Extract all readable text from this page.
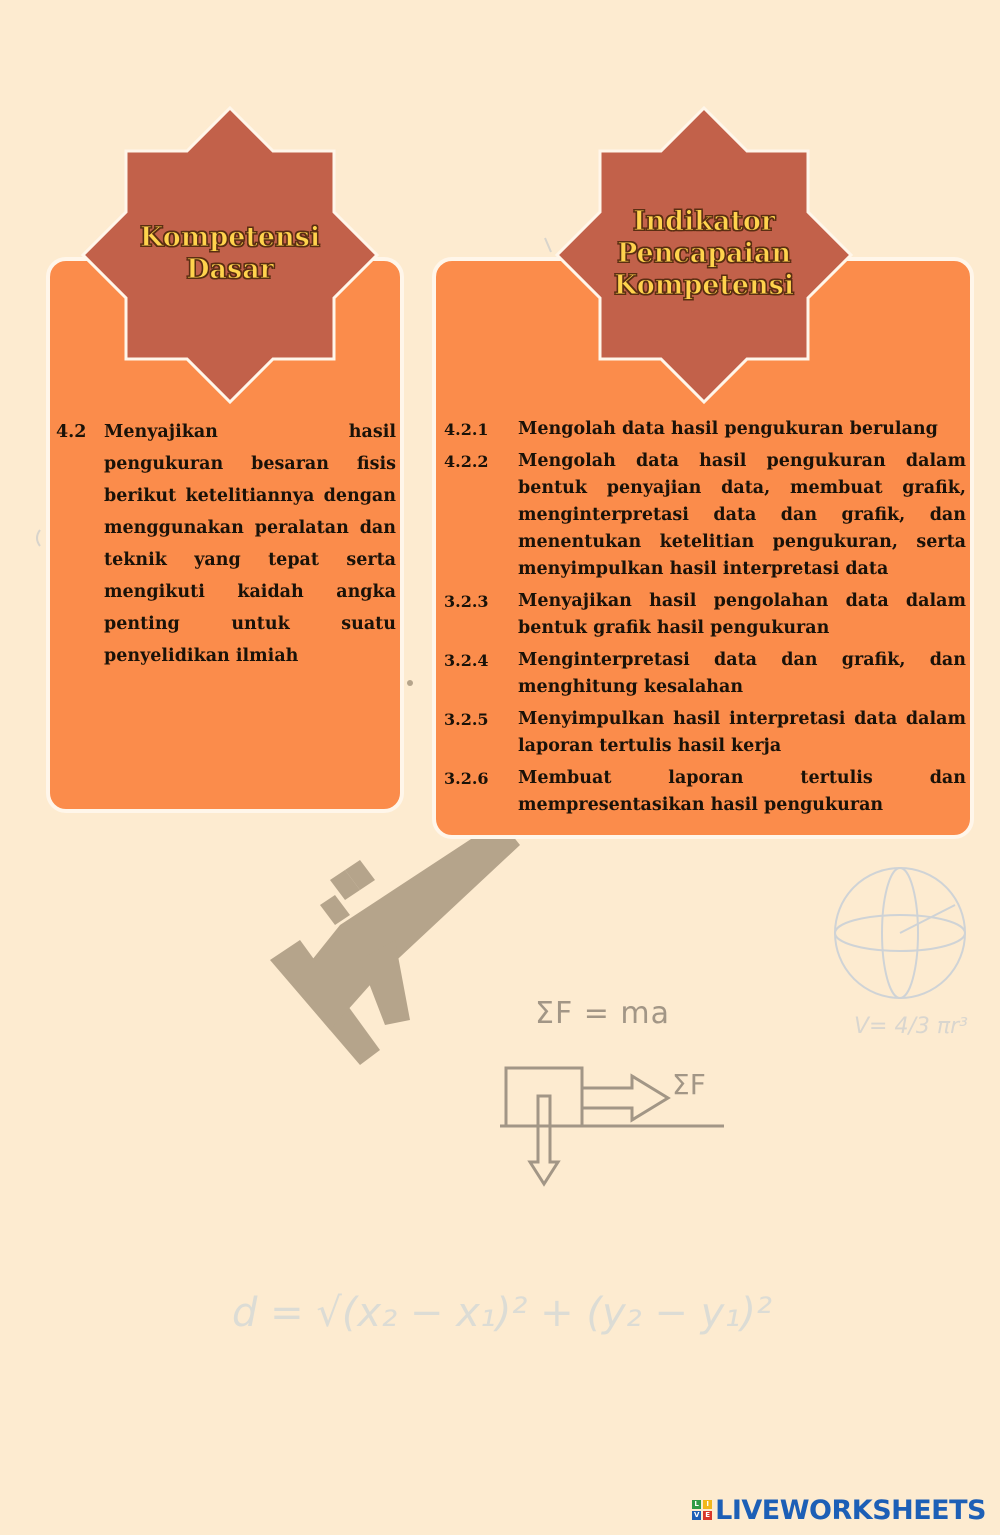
Kompetensi
Dasar
4.2	Menyajikan hasil pengukuran besaran fisis berikut ketelitiannya dengan menggunakan peralatan dan teknik yang tepat serta mengikuti kaidah angka penting untuk suatu penyelidikan ilmiah
Indikator
Pencapaian
Kompetensi
4.2.1	Mengolah data hasil pengukuran berulang
4.2.2	Mengolah data hasil pengukuran dalam bentuk penyajian data, membuat grafik, menginterpretasi data dan grafik, dan menentukan ketelitian pengukuran, serta menyimpulkan hasil interpretasi data
3.2.3	Menyajikan hasil pengolahan data dalam bentuk grafik hasil pengukuran
3.2.4	Menginterpretasi data dan grafik, dan menghitung kesalahan
3.2.5	Menyimpulkan hasil interpretasi data dalam laporan tertulis hasil kerja
3.2.6	Membuat laporan tertulis dan mempresentasikan hasil pengukuran
ΣF = ma
ΣF
V= 4/3 πr³
d = √(x₂ − x₁)² + (y₂ − y₁)²
L	I
V E LIVEWORKSHEETS
